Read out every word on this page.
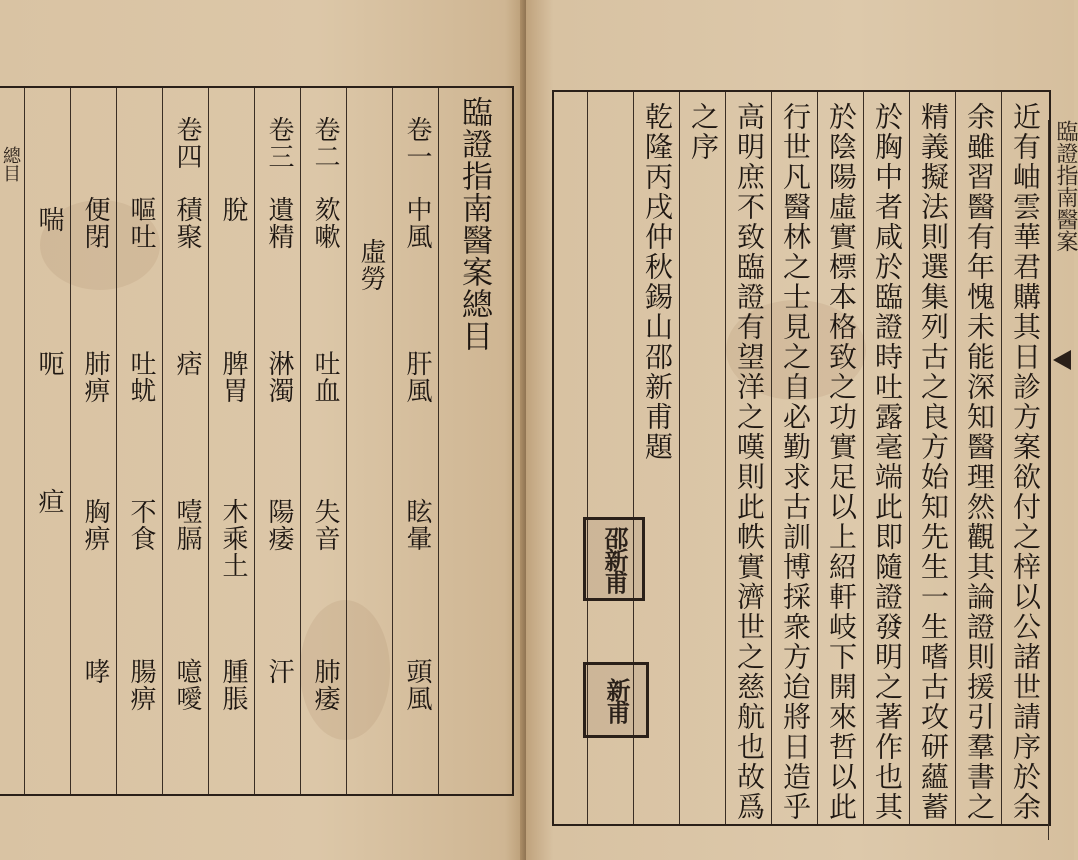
總目
喘
呃
疸
便閉
肺痹
胸痹
哮
嘔吐
吐蚘
不食
腸痹
卷四
積聚
痞
噎膈
噫噯
脫
脾胃
木乘土
腫脹
卷三
遺精
淋濁
陽痿
汗
卷二
欬嗽
吐血
失音
肺痿
虛勞
卷一
中風
肝風
眩暈
頭風
臨證指南醫案總目	近有岫雲華君購其日診方案欲付之梓以公諸世請序於余
余雖習醫有年愧未能深知醫理然觀其論證則援引羣書之
精義擬法則選集列古之良方始知先生一生嗜古攻研蘊蓄
於胸中者咸於臨證時吐露毫端此即隨證發明之著作也其
於陰陽虛實標本格致之功實足以上紹軒岐下開來哲以此
行世凡醫林之士見之自必勤求古訓博採衆方迨將日造乎
高明庶不致臨證有望洋之嘆則此帙實濟世之慈航也故爲
之序
乾隆丙戌仲秋錫山邵新甫題
邵新甫
新甫
臨證指南醫案
